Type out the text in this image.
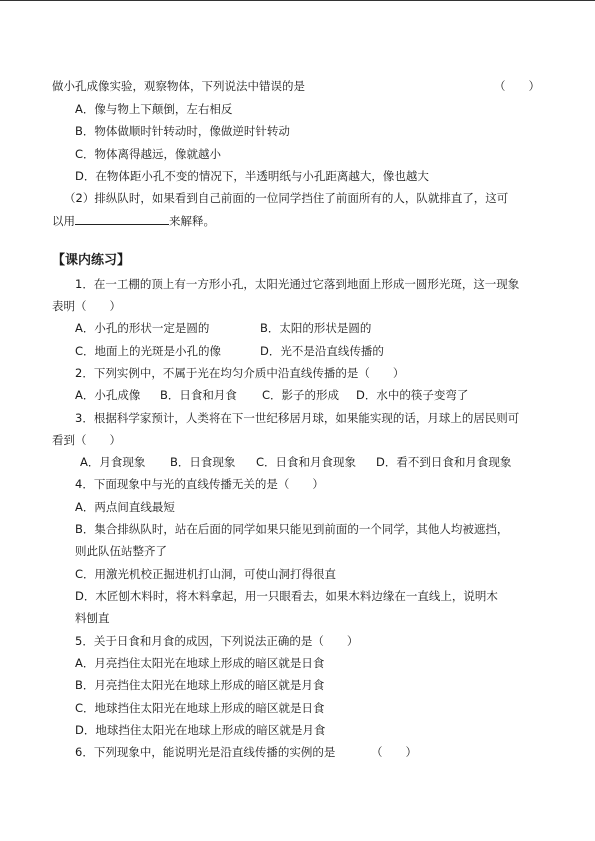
做小孔成像实验，观察物体，下列说法中错误的是	（　　）
A．像与物上下颠倒，左右相反
B．物体做顺时针转动时，像做逆时针转动
C．物体离得越远，像就越小
D．在物体距小孔不变的情况下，半透明纸与小孔距离越大，像也越大
（2）排纵队时，如果看到自己前面的一位同学挡住了前面所有的人，队就排直了，这可
以用	来解释。
【课内练习】
1．在一工棚的顶上有一方形小孔，太阳光通过它落到地面上形成一圆形光斑，这一现象
表明（　　）
A．小孔的形状一定是圆的	B．太阳的形状是圆的
C．地面上的光斑是小孔的像	D．光不是沿直线传播的
2．下列实例中，不属于光在均匀介质中沿直线传播的是（　　）
A．小孔成像 B．日食和月食 C．影子的形成 D．水中的筷子变弯了
3．根据科学家预计，人类将在下一世纪移居月球，如果能实现的话，月球上的居民则可
看到（　　）
A．月食现象 B．日食现象 C．日食和月食现象 D．看不到日食和月食现象
4．下面现象中与光的直线传播无关的是（　　）
A．两点间直线最短
B．集合排纵队时，站在后面的同学如果只能见到前面的一个同学，其他人均被遮挡，
则此队伍站整齐了
C．用激光机校正掘进机打山洞，可使山洞打得很直
D．木匠刨木料时，将木料拿起，用一只眼看去，如果木料边缘在一直线上，说明木
料刨直
5．关于日食和月食的成因，下列说法正确的是（　　）
A．月亮挡住太阳光在地球上形成的暗区就是日食
B．月亮挡住太阳光在地球上形成的暗区就是月食
C．地球挡住太阳光在地球上形成的暗区就是日食
D．地球挡住太阳光在地球上形成的暗区就是月食
6．下列现象中，能说明光是沿直线传播的实例的是	（　　）
